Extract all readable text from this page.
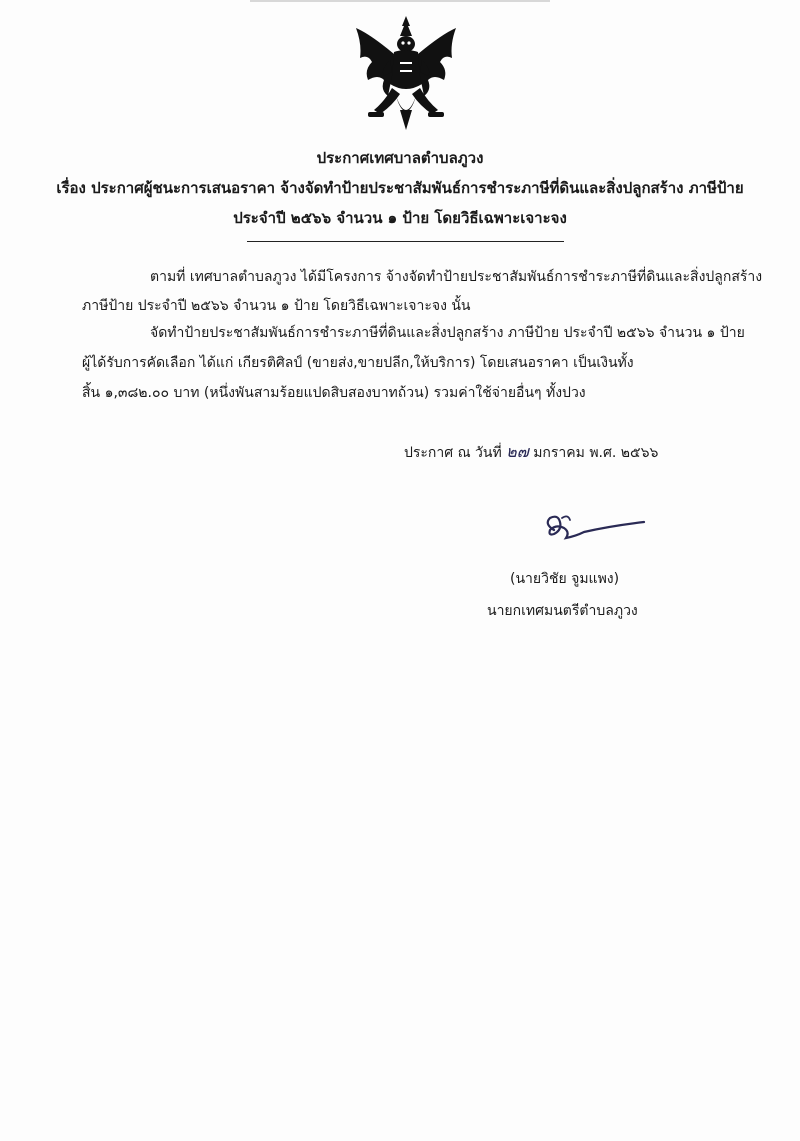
ประกาศเทศบาลตำบลภูวง
เรื่อง ประกาศผู้ชนะการเสนอราคา จ้างจัดทำป้ายประชาสัมพันธ์การชำระภาษีที่ดินและสิ่งปลูกสร้าง ภาษีป้าย
ประจำปี ๒๕๖๖ จำนวน ๑ ป้าย โดยวิธีเฉพาะเจาะจง
ตามที่ เทศบาลตำบลภูวง ได้มีโครงการ จ้างจัดทำป้ายประชาสัมพันธ์การชำระภาษีที่ดินและสิ่งปลูกสร้าง
ภาษีป้าย ประจำปี ๒๕๖๖ จำนวน ๑ ป้าย โดยวิธีเฉพาะเจาะจง นั้น
จัดทำป้ายประชาสัมพันธ์การชำระภาษีที่ดินและสิ่งปลูกสร้าง ภาษีป้าย ประจำปี ๒๕๖๖ จำนวน ๑ ป้าย
ผู้ได้รับการคัดเลือก ได้แก่ เกียรติศิลป์ (ขายส่ง,ขายปลีก,ให้บริการ) โดยเสนอราคา เป็นเงินทั้ง
สิ้น ๑,๓๘๒.๐๐ บาท (หนึ่งพันสามร้อยแปดสิบสองบาทถ้วน) รวมค่าใช้จ่ายอื่นๆ ทั้งปวง
ประกาศ ณ วันที่ ๒๗ มกราคม พ.ศ. ๒๕๖๖
(นายวิชัย จูมแพง)
นายกเทศมนตรีตำบลภูวง
